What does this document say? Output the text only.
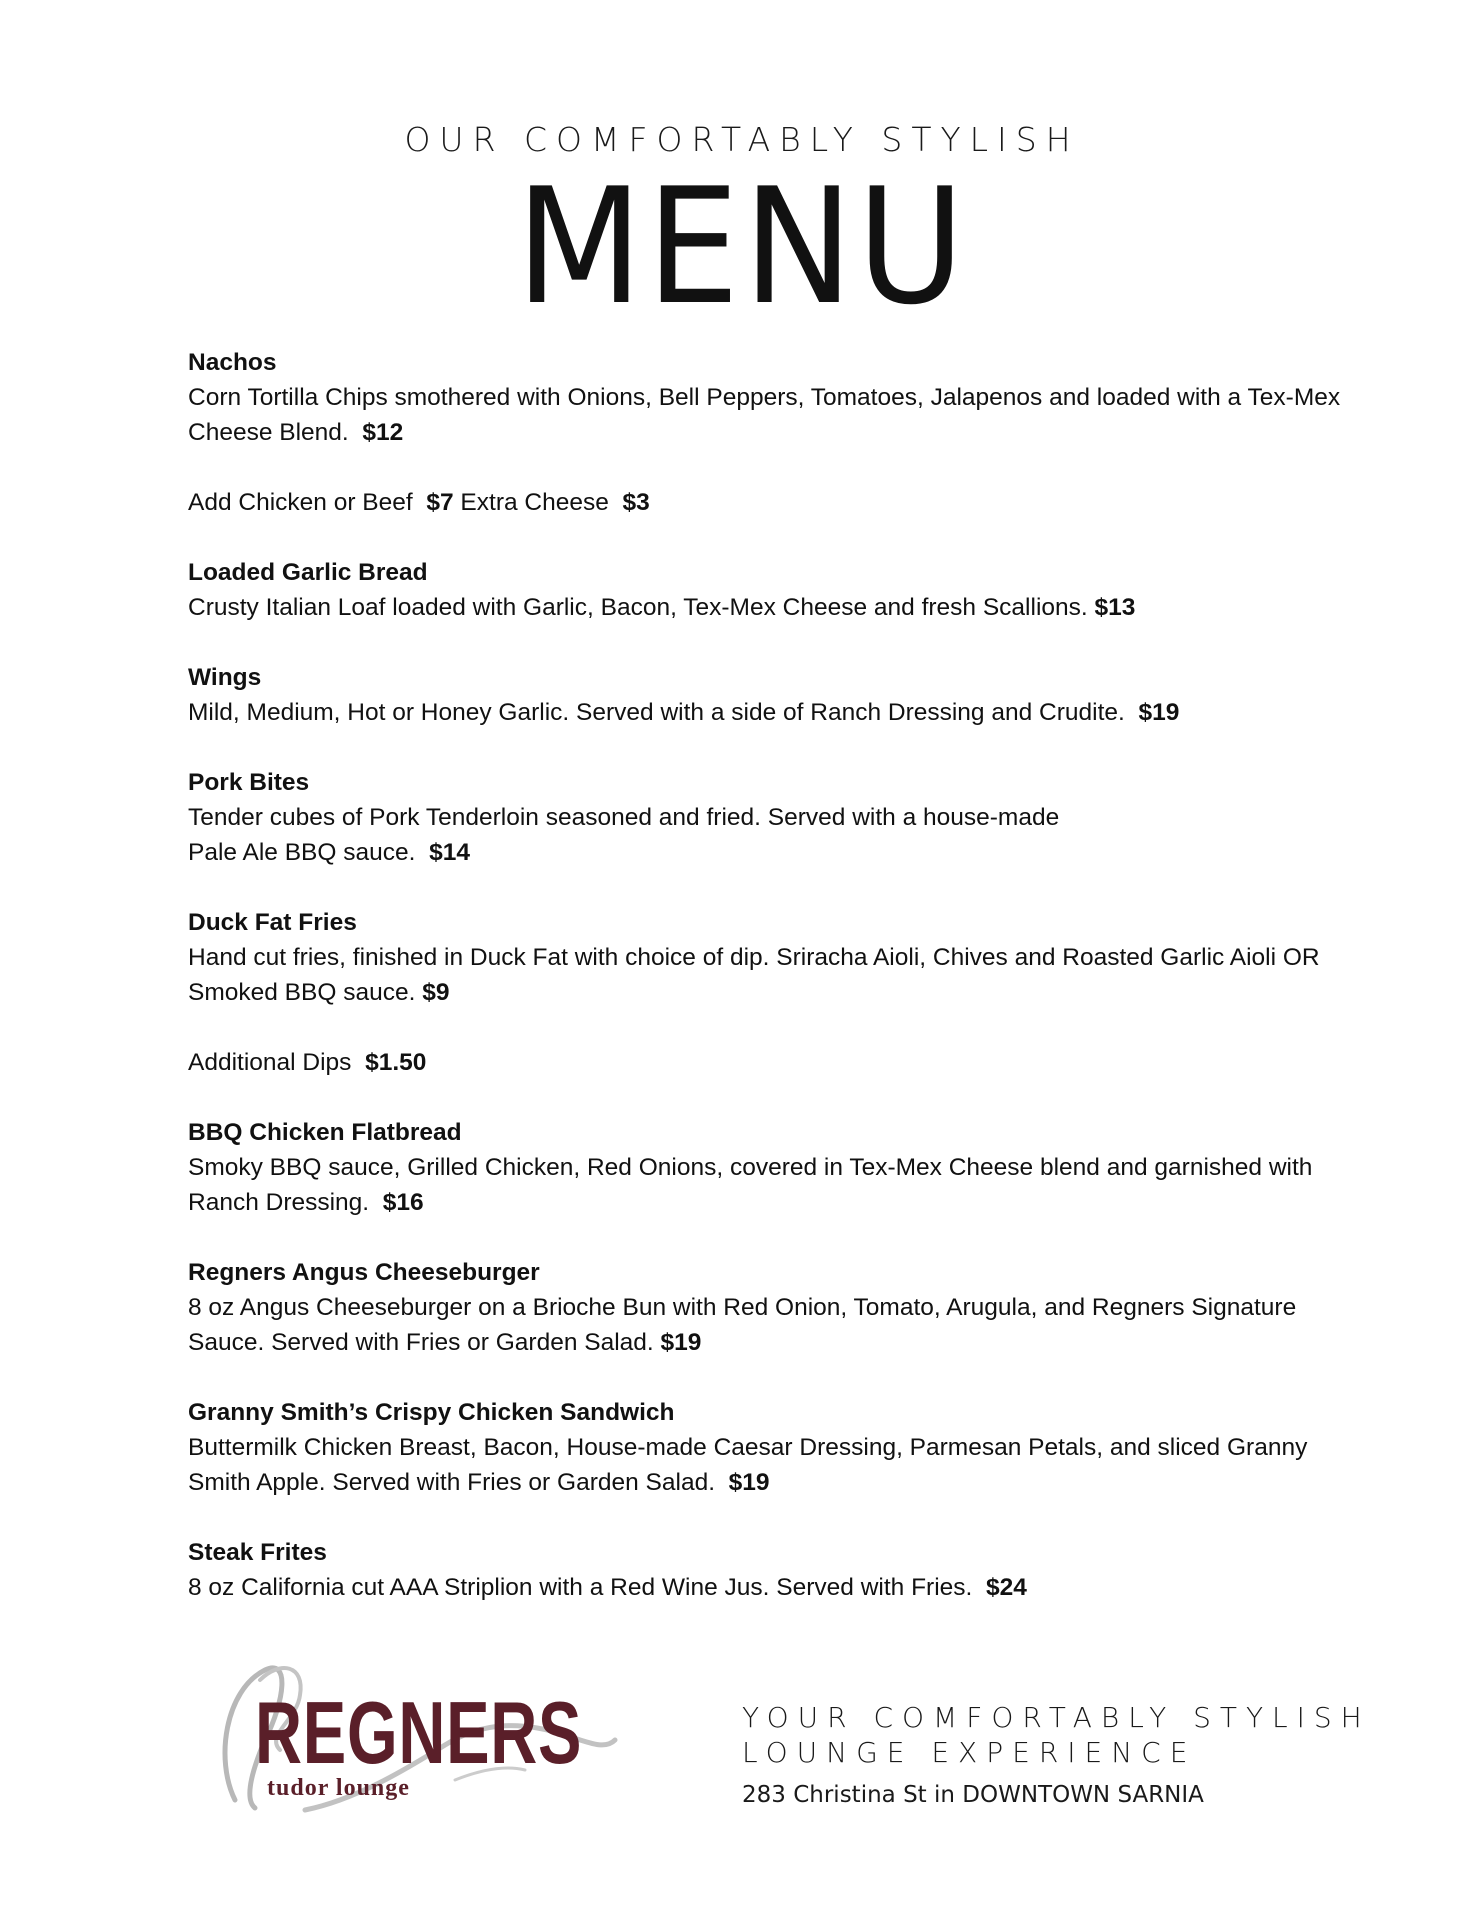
OUR COMFORTABLY STYLISH
MENU
Nachos
Corn Tortilla Chips smothered with Onions, Bell Peppers, Tomatoes, Jalapenos and loaded with a Tex-Mex Cheese Blend. $12
Add Chicken or Beef $7 Extra Cheese $3
Loaded Garlic Bread
Crusty Italian Loaf loaded with Garlic, Bacon, Tex-Mex Cheese and fresh Scallions. $13
Wings
Mild, Medium, Hot or Honey Garlic. Served with a side of Ranch Dressing and Crudite. $19
Pork Bites
Tender cubes of Pork Tenderloin seasoned and fried. Served with a house-made
Pale Ale BBQ sauce. $14
Duck Fat Fries
Hand cut fries, finished in Duck Fat with choice of dip. Sriracha Aioli, Chives and Roasted Garlic Aioli OR Smoked BBQ sauce. $9
Additional Dips $1.50
BBQ Chicken Flatbread
Smoky BBQ sauce, Grilled Chicken, Red Onions, covered in Tex-Mex Cheese blend and garnished with Ranch Dressing. $16
Regners Angus Cheeseburger
8 oz Angus Cheeseburger on a Brioche Bun with Red Onion, Tomato, Arugula, and Regners Signature Sauce. Served with Fries or Garden Salad. $19
Granny Smith’s Crispy Chicken Sandwich
Buttermilk Chicken Breast, Bacon, House-made Caesar Dressing, Parmesan Petals, and sliced Granny Smith Apple. Served with Fries or Garden Salad. $19
Steak Frites
8 oz California cut AAA Striplion with a Red Wine Jus. Served with Fries. $24
REGNERS
tudor lounge
YOUR COMFORTABLY STYLISH
LOUNGE EXPERIENCE
283 Christina St in DOWNTOWN SARNIA
